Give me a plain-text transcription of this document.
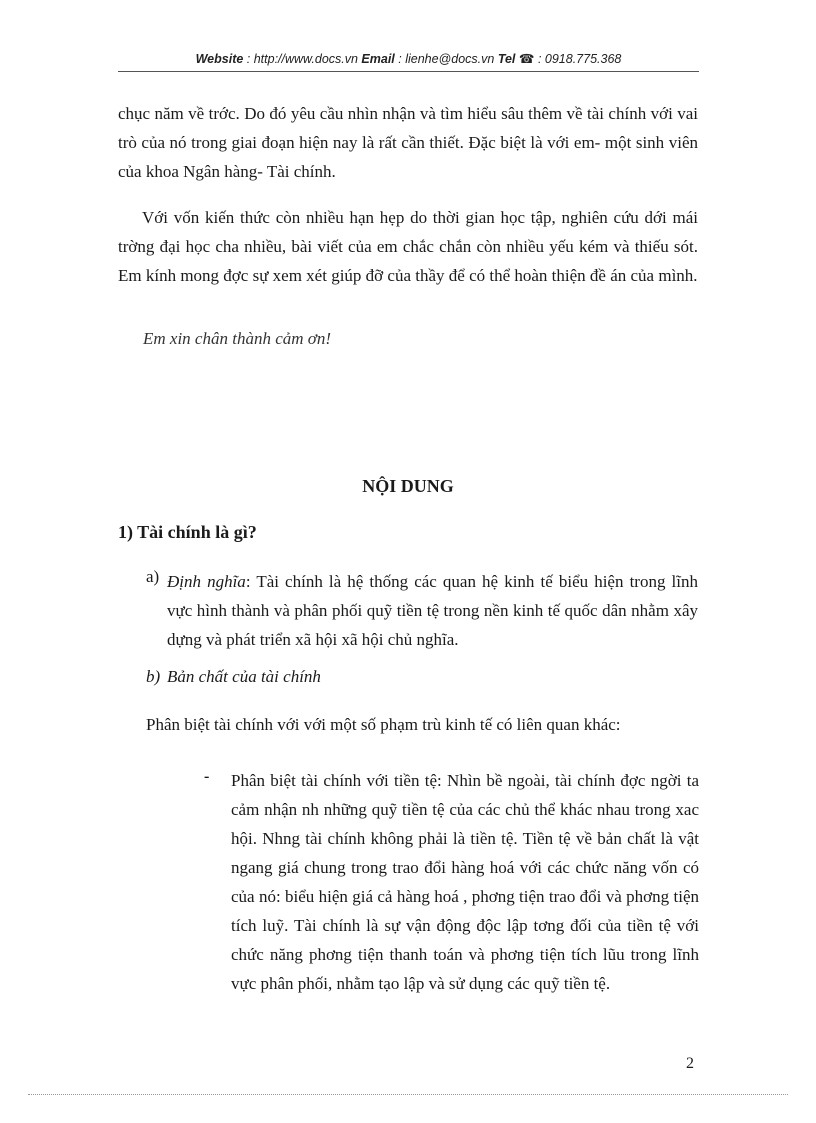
Website : http://www.docs.vn Email : lienhe@docs.vn Tel ☎ : 0918.775.368

chục năm về trớc. Do đó yêu cầu nhìn nhận và tìm hiểu sâu thêm về tài chính với vai trò của nó trong giai đoạn hiện nay là rất cần thiết. Đặc biệt là với em- một sinh viên của khoa Ngân hàng- Tài chính.

Với vốn kiến thức còn nhiều hạn hẹp do thời gian học tập, nghiên cứu dới mái trờng đại học cha nhiều, bài viết của em chắc chắn còn nhiều yếu kém và thiếu sót. Em kính mong đợc sự xem xét giúp đỡ của thầy để có thể hoàn thiện đề án của mình.

Em xin chân thành cảm ơn!

NỘI DUNG
1) Tài chính là gì?
a) Định nghĩa: Tài chính là hệ thống các quan hệ kinh tế biểu hiện trong lĩnh vực hình thành và phân phối quỹ tiền tệ trong nền kinh tế quốc dân nhằm xây dựng và phát triển xã hội xã hội chủ nghĩa.

b) Bản chất của tài chính

Phân biệt tài chính với với một số phạm trù kinh tế có liên quan khác:

- Phân biệt tài chính với tiền tệ: Nhìn bề ngoài, tài chính đợc ngời ta cảm nhận nh những quỹ tiền tệ của các chủ thể khác nhau trong xac hội. Nhng tài chính không phải là tiền tệ. Tiền tệ về bản chất là vật ngang giá chung trong trao đổi hàng hoá với các chức năng vốn có của nó: biểu hiện giá cả hàng hoá , phơng tiện trao đổi và phơng tiện tích luỹ. Tài chính là sự vận động độc lập tơng đối của tiền tệ với chức năng phơng tiện thanh toán và phơng tiện tích lũu trong lĩnh vực phân phối, nhằm tạo lập và sử dụng các quỹ tiền tệ.

2
